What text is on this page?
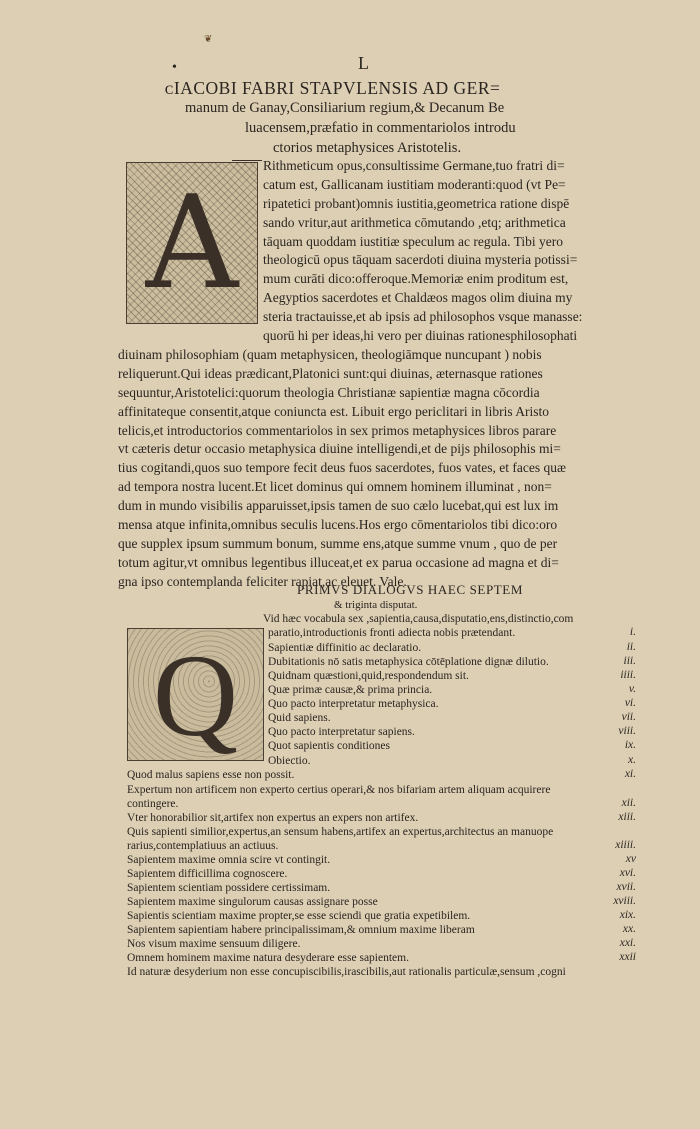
•
❦
L
ᴄIACOBI FABRI STAPVLENSIS AD GER=
manum de Ganay,Consiliarium regium,& Decanum Be
luacensem,præfatio in commentariolos introdu
ctorios metaphysices Aristotelis.
A
Rithmeticum opus,consultissime Germane,tuo fratri di=
catum est, Gallicanam iustitiam moderanti:quod (vt Pe=
ripatetici probant)omnis iustitia,geometrica ratione dispē
sando vritur,aut arithmetica cōmutando ,etq; arithmetica
tāquam quoddam iustitiæ speculum ac regula. Tibi yero
theologicū opus tāquam sacerdoti diuina mysteria potissi=
mum curāti dico:offeroque.Memoriæ enim proditum est,
Aegyptios sacerdotes et Chaldæos magos olim diuina my
steria tractauisse,et ab ipsis ad philosophos vsque manasse:
quorū hi per ideas,hi vero per diuinas rationesphilosophati
diuinam philosophiam (quam metaphysicen, theologiāmque nuncupant ) nobis
reliquerunt.Qui ideas prædicant,Platonici sunt:qui diuinas, æternasque rationes
sequuntur,Aristotelici:quorum theologia Christianæ sapientiæ magna cōcordia
affinitateque consentit,atque coniuncta est. Libuit ergo periclitari in libris Aristo
telicis,et introductorios commentariolos in sex primos metaphysices libros parare
vt cæteris detur occasio metaphysica diuine intelligendi,et de pijs philosophis mi=
tius cogitandi,quos suo tempore fecit deus fuos sacerdotes, fuos vates, et faces quæ
ad tempora nostra lucent.Et licet dominus qui omnem hominem illuminat , non=
dum in mundo visibilis apparuisset,ipsis tamen de suo cælo lucebat,qui est lux im
mensa atque infinita,omnibus seculis lucens.Hos ergo cōmentariolos tibi dico:oro
que supplex ipsum summum bonum, summe ens,atque summe vnum , quo de per
totum agitur,vt omnibus legentibus illuceat,et ex parua occasione ad magna et di=
gna ipso contemplanda feliciter rapiat,ac eleuet. Vale.
PRIMVS DIALOGVS HAEC SEPTEM
& triginta disputat.
Q
Vid hæc vocabula sex ,sapientia,causa,disputatio,ens,distinctio,com
paratio,introductionis fronti adiecta nobis prætendant.	i.
Sapientiæ diffinitio ac declaratio.	ii.
Dubitationis nō satis metaphysica cōtēplatione dignæ dilutio.	iii.
Quidnam quæstioni,quid,respondendum sit.	iiii.
Quæ primæ causæ,& prima princia.	v.
Quo pacto interpretatur metaphysica.	vi.
Quid sapiens.	vii.
Quo pacto interpretatur sapiens.	viii.
Quot sapientis conditiones	ix.
Obiectio.	x.
Quod malus sapiens esse non possit.	xi.
Expertum non artificem non experto certius operari,& nos bifariam artem aliquam acquirere
contingere.	xii.
Vter honorabilior sit,artifex non expertus an expers non artifex.	xiii.
Quis sapienti similior,expertus,an sensum habens,artifex an expertus,architectus an manuope
rarius,contemplatiuus an actiuus.	xiiii.
Sapientem maxime omnia scire vt contingit.	xv
Sapientem difficillima cognoscere.	xvi.
Sapientem scientiam possidere certissimam.	xvii.
Sapientem maxime singulorum causas assignare posse	xviii.
Sapientis scientiam maxime propter,se esse sciendi que gratia expetibilem.	xix.
Sapientem sapientiam habere principalissimam,& omnium maxime liberam	xx.
Nos visum maxime sensuum diligere.	xxi.
Omnem hominem maxime natura desyderare esse sapientem.	xxii
Id naturæ desyderium non esse concupiscibilis,irascibilis,aut rationalis particulæ,sensum ,cogni
